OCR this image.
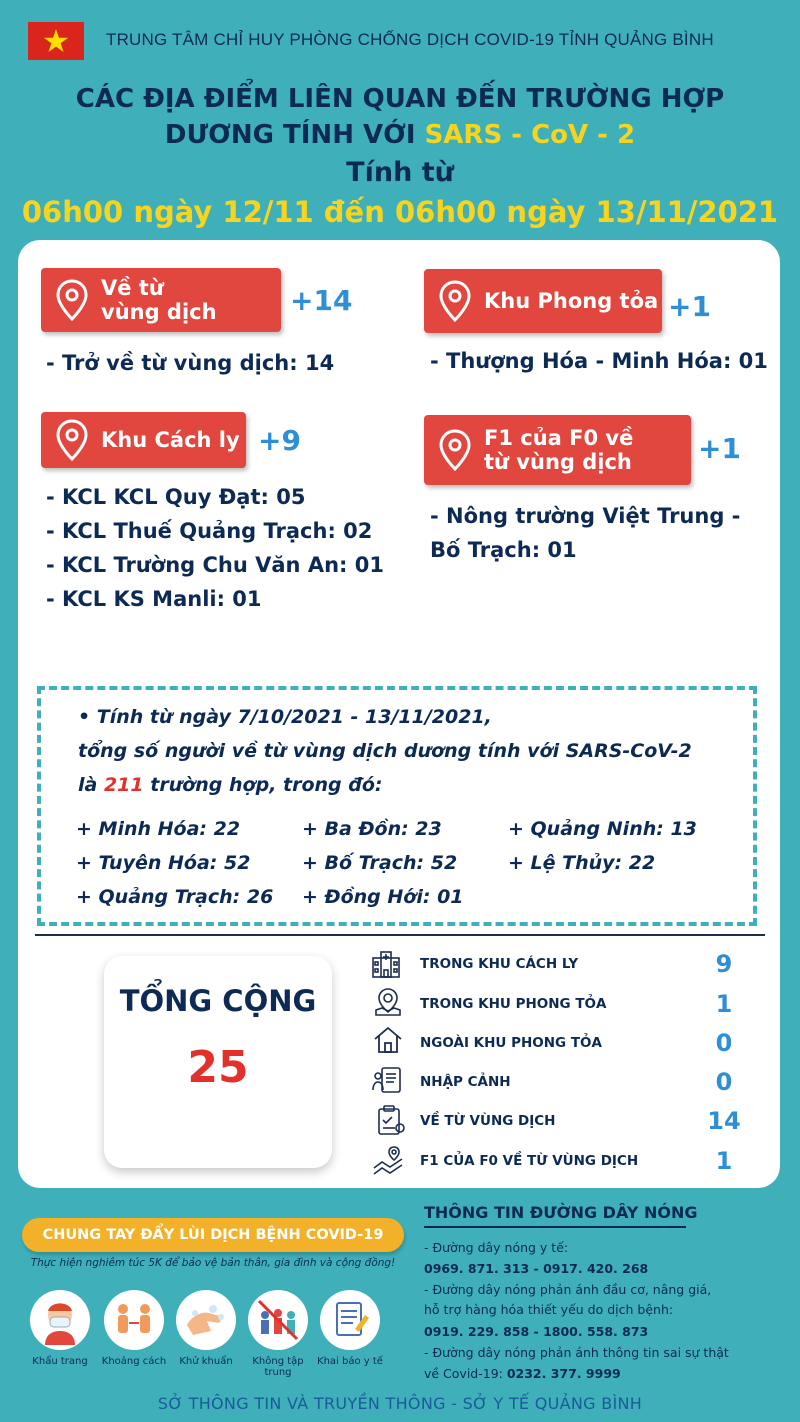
TRUNG TÂM CHỈ HUY PHÒNG CHỐNG DỊCH COVID-19 TỈNH QUẢNG BÌNH
CÁC ĐỊA ĐIỂM LIÊN QUAN ĐẾN TRƯỜNG HỢP
DƯƠNG TÍNH VỚI SARS - CoV - 2
Tính từ
06h00 ngày 12/11 đến 06h00 ngày 13/11/2021
Về từ
vùng dịch	+14
- Trở về từ vùng dịch: 14
Khu Phong tỏa +1
- Thượng Hóa - Minh Hóa: 01
Khu Cách ly +9
- KCL KCL Quy Đạt: 05
- KCL Thuế Quảng Trạch: 02
- KCL Trường Chu Văn An: 01
- KCL KS Manli: 01
F1 của F0 về
từ vùng dịch +1
- Nông trường Việt Trung -
Bố Trạch: 01
• Tính từ ngày 7/10/2021 - 13/11/2021,
tổng số người về từ vùng dịch dương tính với SARS-CoV-2
là 211 trường hợp, trong đó:
+ Minh Hóa: 22	+ Ba Đồn: 23	+ Quảng Ninh: 13
+ Tuyên Hóa: 52	+ Bố Trạch: 52	+ Lệ Thủy: 22
+ Quảng Trạch: 26 + Đồng Hới: 01
TỔNG CỘNG
25
TRONG KHU CÁCH LY	9
TRONG KHU PHONG TỎA	1
NGOÀI KHU PHONG TỎA	0
NHẬP CẢNH	0
VỀ TỪ VÙNG DỊCH	14
F1 CỦA F0 VỀ TỪ VÙNG DỊCH	1
CHUNG TAY ĐẨY LÙI DỊCH BỆNH COVID-19
Thực hiện nghiêm túc 5K để bảo vệ bản thân, gia đình và cộng đồng!
Khẩu trang	Khoảng cách	Khử khuẩn	Không tập trung
Khai báo y tế
THÔNG TIN ĐƯỜNG DÂY NÓNG
- Đường dây nóng y tế:
0969. 871. 313 - 0917. 420. 268
- Đường dây nóng phản ánh đầu cơ, nâng giá,
hỗ trợ hàng hóa thiết yếu do dịch bệnh:
0919. 229. 858 - 1800. 558. 873
- Đường dây nóng phản ánh thông tin sai sự thật
về Covid-19: 0232. 377. 9999
SỞ THÔNG TIN VÀ TRUYỀN THÔNG - SỞ Y TẾ QUẢNG BÌNH
